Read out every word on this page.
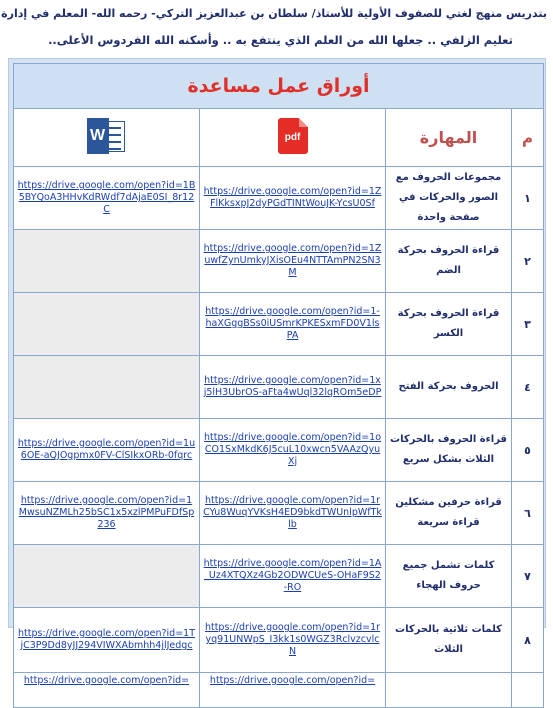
بتدريس منهج لغتي للصفوف الأولية للأستاذ/ سلطان بن عبدالعزيز التركي- رحمه الله- المعلم في إدارة
تعليم الزلفي .. جعلها الله من العلم الذي ينتفع به .. وأسكنه الله الفردوس الأعلى..
أوراق عمل مساعدة			
م	المهارة	pdf	W

١	مجموعات الحروف مع الصور والحركات في صفحة واحدة	https://drive.google.com/open?id=1ZFlKksxpJ2dyPGdTINtWouJK-YcsU0Sf	https://drive.google.com/open?id=1B5BYQoA3HHvKdRWdf7dAjaE0SI_8r12C
٢	قراءة الحروف بحركة الضم	https://drive.google.com/open?id=1ZuwfZynUmkyJXisOEu4NTTAmPN2SN3M	
٣	قراءة الحروف بحركة الكسر	https://drive.google.com/open?id=1-haXGggBSs0iUSmrKPKESxmFD0V1lsPA	
٤	الحروف بحركة الفتح	https://drive.google.com/open?id=1xj5lH3UbrOS-aFta4wUql32lqROm5eDP	
٥	قراءة الحروف بالحركات الثلاث بشكل سريع	https://drive.google.com/open?id=1oCO1SxMkdK6J5cuL10xwcn5VAAzQyuXj	https://drive.google.com/open?id=1u6OE-aQJOgpmx0FV-ClSIkxORb-0fqrc
٦	قراءة حرفين مشكلين قراءة سريعة	https://drive.google.com/open?id=1rCYu8WuqYVKsH4ED9bkdTWUnlpWfTklb	https://drive.google.com/open?id=1MwsuNZMLh25bSC1x5xzlPMPuFDfSp236
٧	كلمات تشمل جميع حروف الهجاء	https://drive.google.com/open?id=1A_Uz4XTQXz4Gb2ODWCUeS-OHaF9S2-RO	
٨	كلمات ثلاثية بالحركات الثلاث	https://drive.google.com/open?id=1ryq91UNWpS_I3kk1s0WGZ3RclvzcvlcN	https://drive.google.com/open?id=1TjC3P9Dd8yJJ294VIWXAbmhh4jlJedgc
		https://drive.google.com/open?id=	https://drive.google.com/open?id=
